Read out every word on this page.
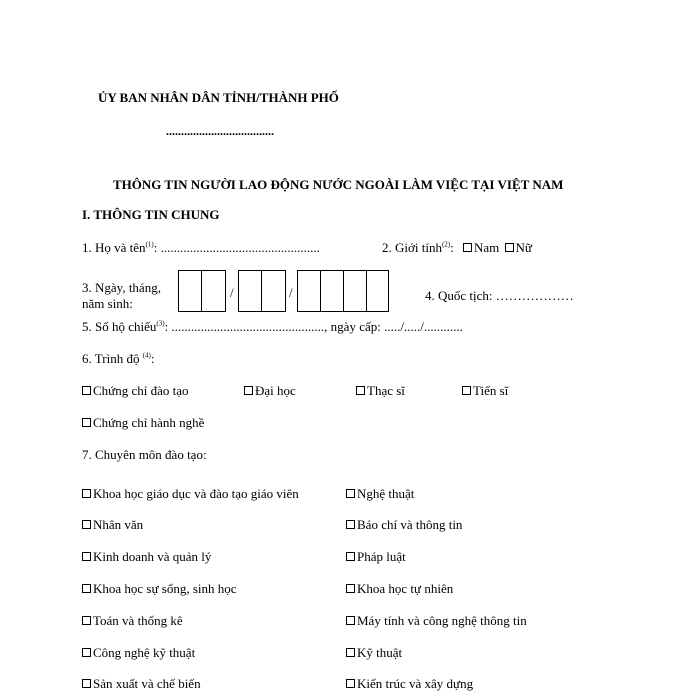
ỦY BAN NHÂN DÂN TỈNH/THÀNH PHỐ
....................................
THÔNG TIN NGƯỜI LAO ĐỘNG NƯỚC NGOÀI LÀM VIỆC TẠI VIỆT NAM
I. THÔNG TIN CHUNG
1. Họ và tên$^{(1)}$: .................................................	2. Giới tính$^{(2)}$: Nam Nữ
3. Ngày, tháng,
năm sinh:
/	/	4. Quốc tịch: ………………
5. Số hộ chiếu$^{(3)}$: ..............................................., ngày cấp: ...../...../............
6. Trình độ $^{(4)}$:
Chứng chỉ đào tạo	Đại học	Thạc sĩ	Tiến sĩ
Chứng chỉ hành nghề
7. Chuyên môn đào tạo:
Khoa học giáo dục và đào tạo giáo viên
Nhân văn
Kinh doanh và quản lý
Khoa học sự sống, sinh học
Toán và thống kê
Công nghệ kỹ thuật
Sản xuất và chế biến
Nghệ thuật
Báo chí và thông tin
Pháp luật
Khoa học tự nhiên
Máy tính và công nghệ thông tin
Kỹ thuật
Kiến trúc và xây dựng
